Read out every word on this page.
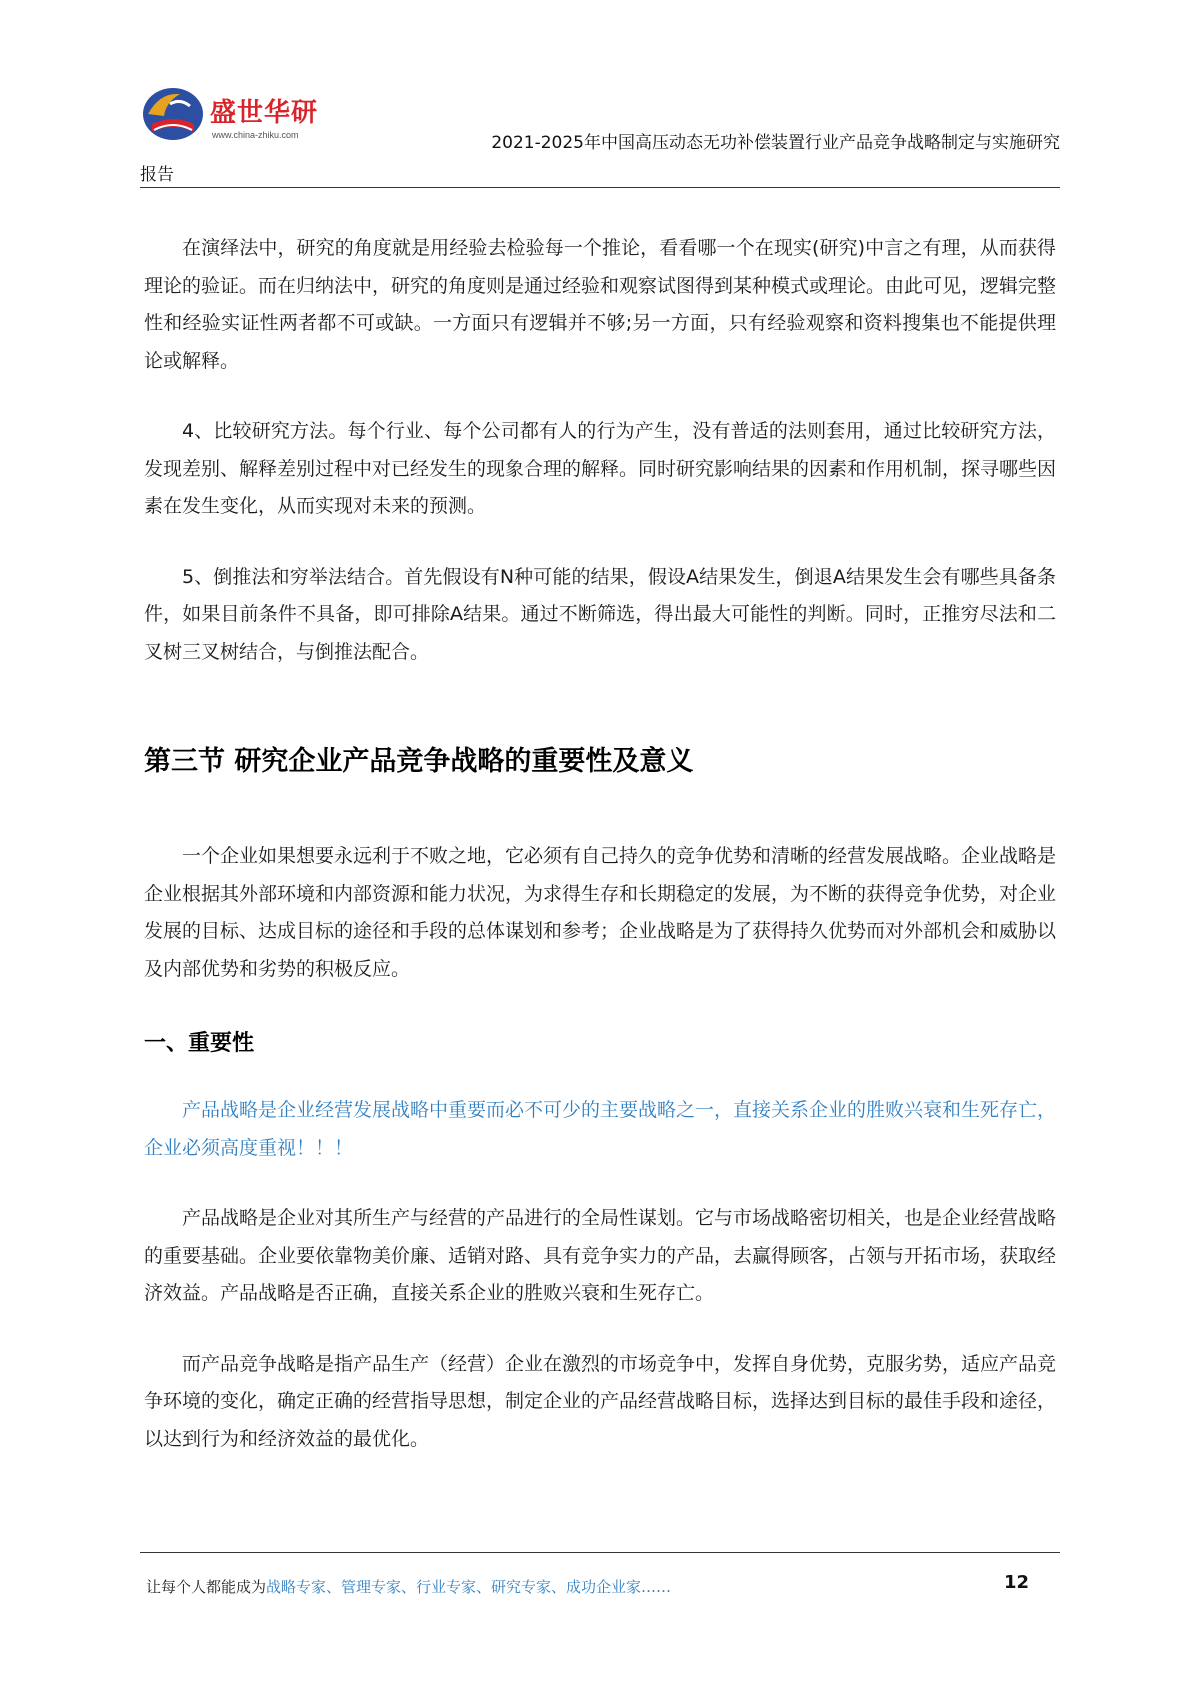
盛世华研
www.china-zhiku.com	2021-2025年中国高压动态无功补偿装置行业产品竞争战略制定与实施研究
报告

在演绎法中，研究的角度就是用经验去检验每一个推论，看看哪一个在现实(研究)中言之有理，从而获得理论的验证。而在归纳法中，研究的角度则是通过经验和观察试图得到某种模式或理论。由此可见，逻辑完整性和经验实证性两者都不可或缺。一方面只有逻辑并不够;另一方面，只有经验观察和资料搜集也不能提供理论或解释。

4、比较研究方法。每个行业、每个公司都有人的行为产生，没有普适的法则套用，通过比较研究方法，发现差别、解释差别过程中对已经发生的现象合理的解释。同时研究影响结果的因素和作用机制，探寻哪些因素在发生变化，从而实现对未来的预测。

5、倒推法和穷举法结合。首先假设有N种可能的结果，假设A结果发生，倒退A结果发生会有哪些具备条件，如果目前条件不具备，即可排除A结果。通过不断筛选，得出最大可能性的判断。同时，正推穷尽法和二叉树三叉树结合，与倒推法配合。

第三节 研究企业产品竞争战略的重要性及意义

一个企业如果想要永远利于不败之地，它必须有自己持久的竞争优势和清晰的经营发展战略。企业战略是企业根据其外部环境和内部资源和能力状况，为求得生存和长期稳定的发展，为不断的获得竞争优势，对企业发展的目标、达成目标的途径和手段的总体谋划和参考；企业战略是为了获得持久优势而对外部机会和威胁以及内部优势和劣势的积极反应。

一、重要性

产品战略是企业经营发展战略中重要而必不可少的主要战略之一，直接关系企业的胜败兴衰和生死存亡，企业必须高度重视！！！

产品战略是企业对其所生产与经营的产品进行的全局性谋划。它与市场战略密切相关，也是企业经营战略的重要基础。企业要依靠物美价廉、适销对路、具有竞争实力的产品，去赢得顾客，占领与开拓市场，获取经济效益。产品战略是否正确，直接关系企业的胜败兴衰和生死存亡。

而产品竞争战略是指产品生产（经营）企业在激烈的市场竞争中，发挥自身优势，克服劣势，适应产品竞争环境的变化，确定正确的经营指导思想，制定企业的产品经营战略目标，选择达到目标的最佳手段和途径，以达到行为和经济效益的最优化。

让每个人都能成为战略专家、管理专家、行业专家、研究专家、成功企业家……	12
